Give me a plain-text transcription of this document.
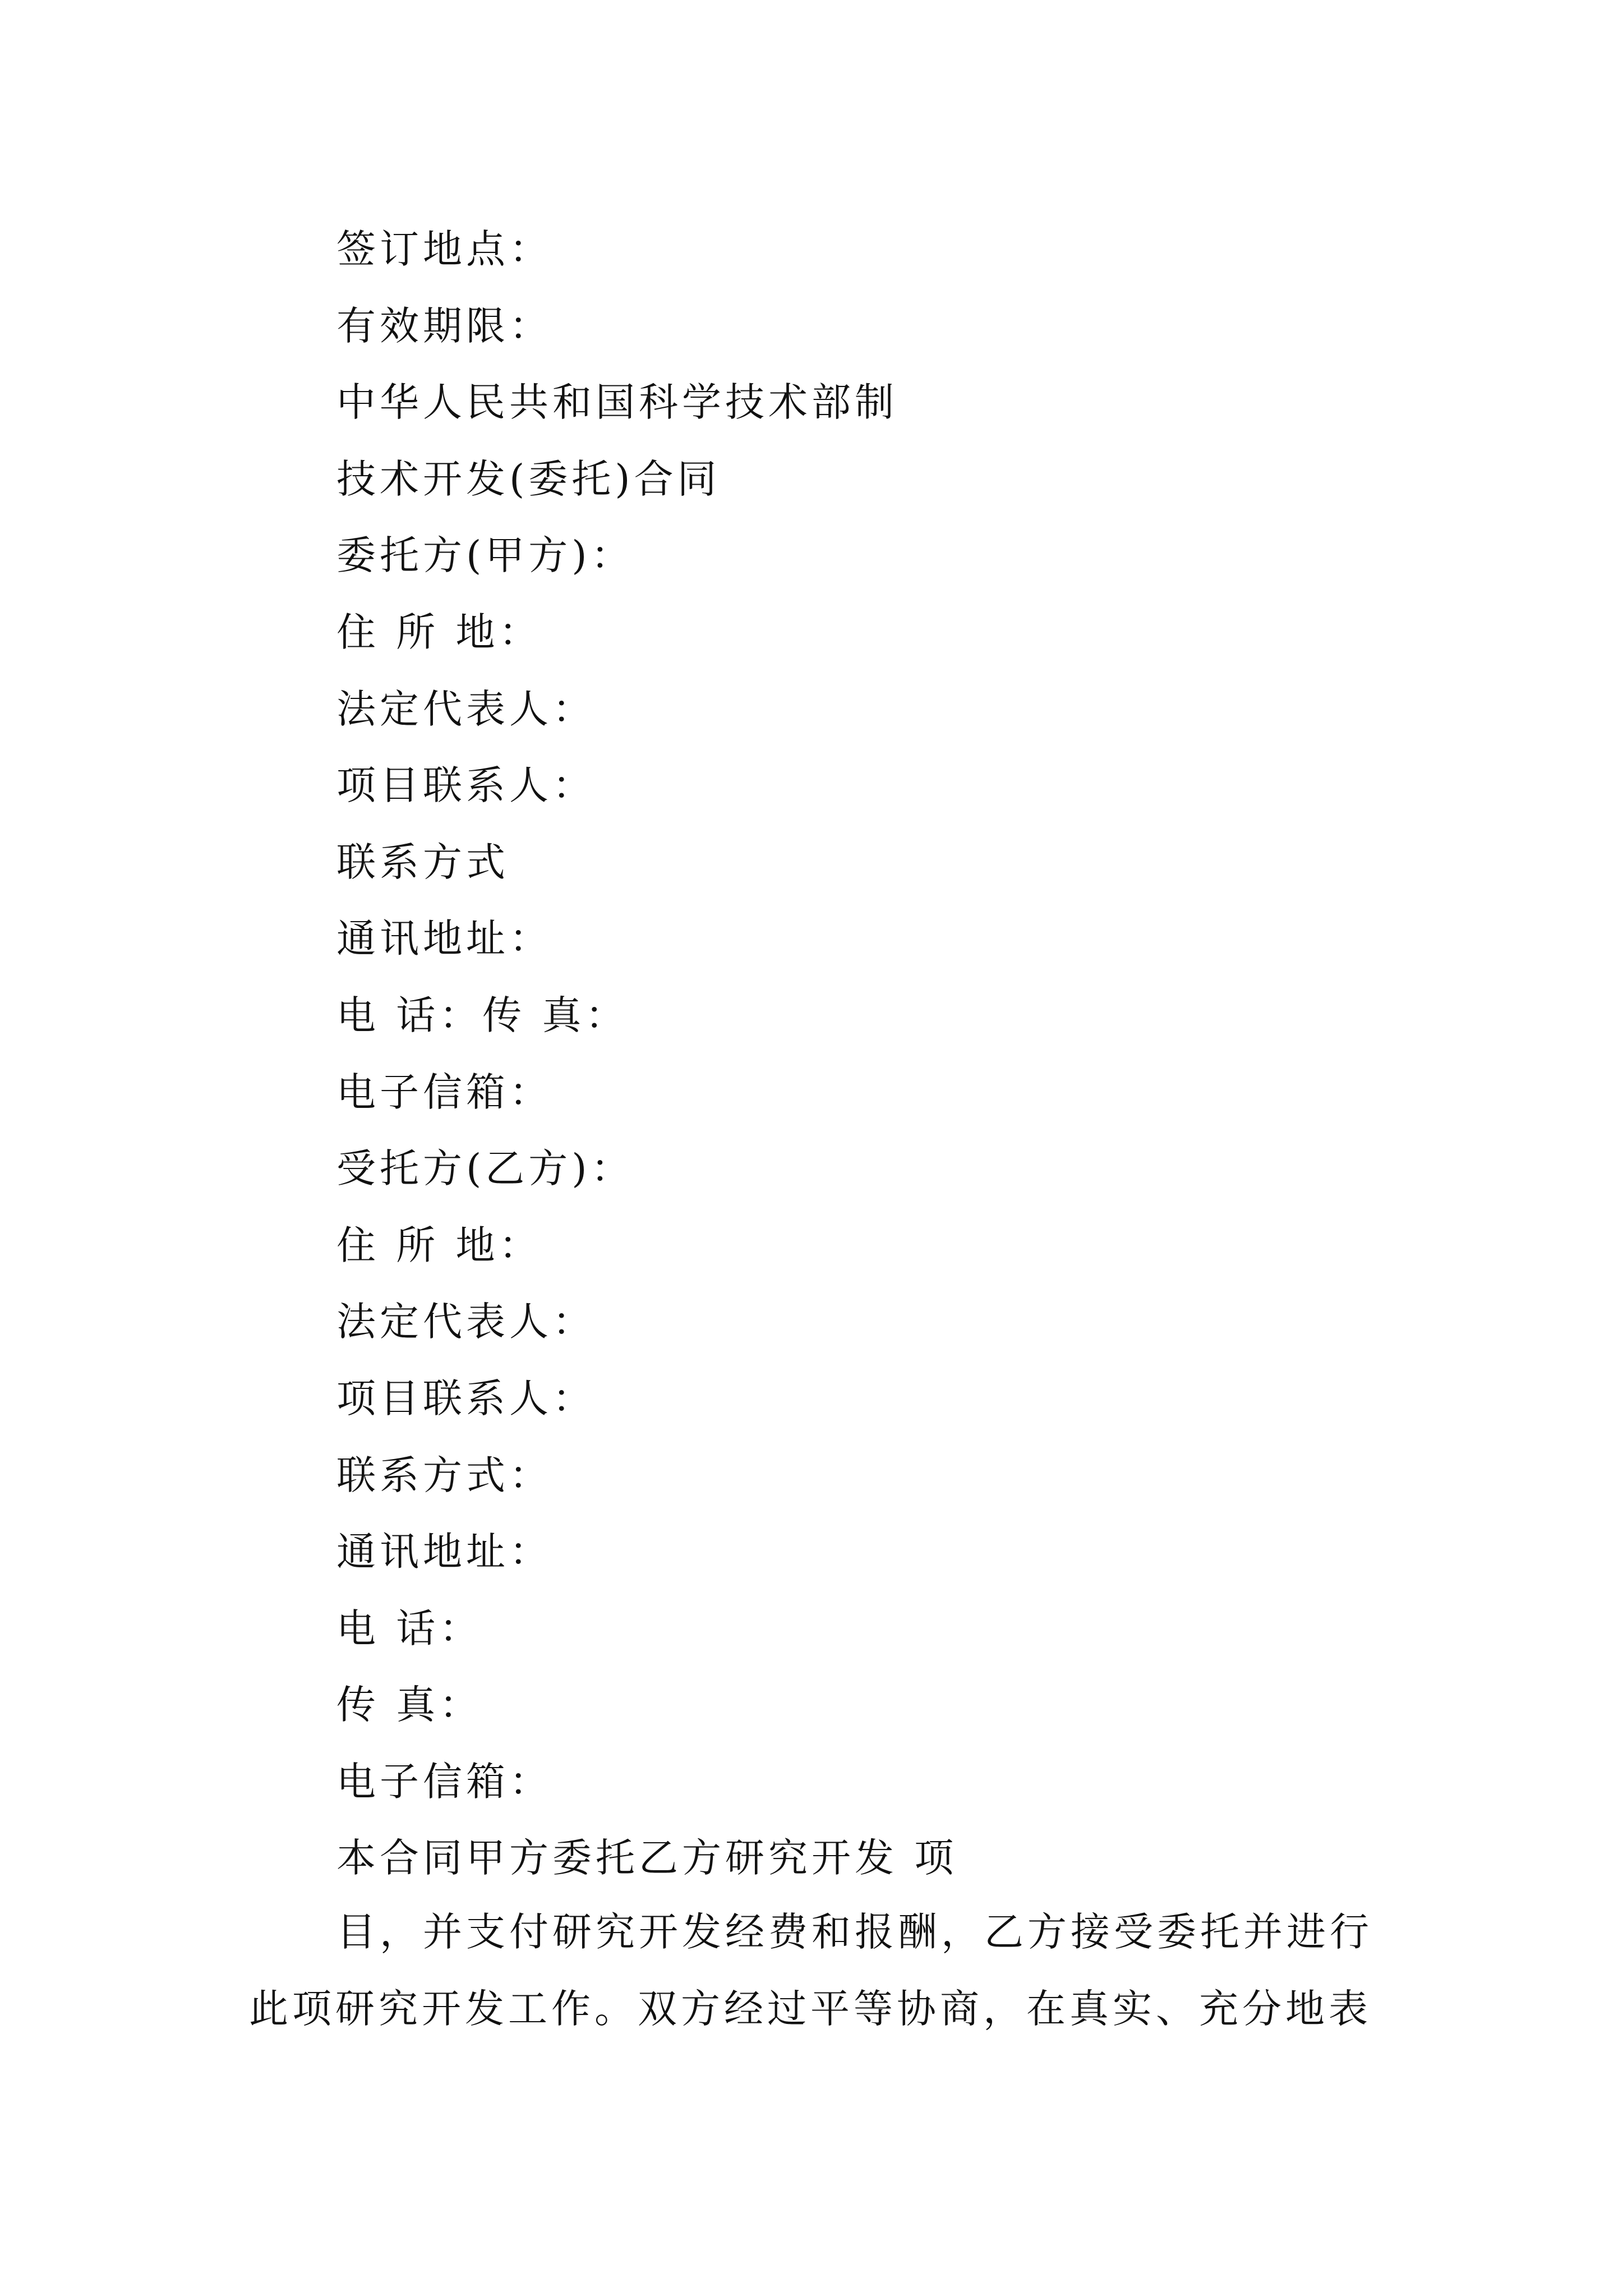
签订地点：
有效期限：
中华人民共和国科学技术部制
技术开发(委托)合同
委托方(甲方)：
住 所 地：
法定代表人：
项目联系人：
联系方式
通讯地址：
电 话：传 真：
电子信箱：
受托方(乙方)：
住 所 地：
法定代表人：
项目联系人：
联系方式：
通讯地址：
电 话：
传 真：
电子信箱：
本合同甲方委托乙方研究开发 项
目，并支付研究开发经费和报酬，乙方接受委托并进行
此项研究开发工作。双方经过平等协商，在真实、充分地表
